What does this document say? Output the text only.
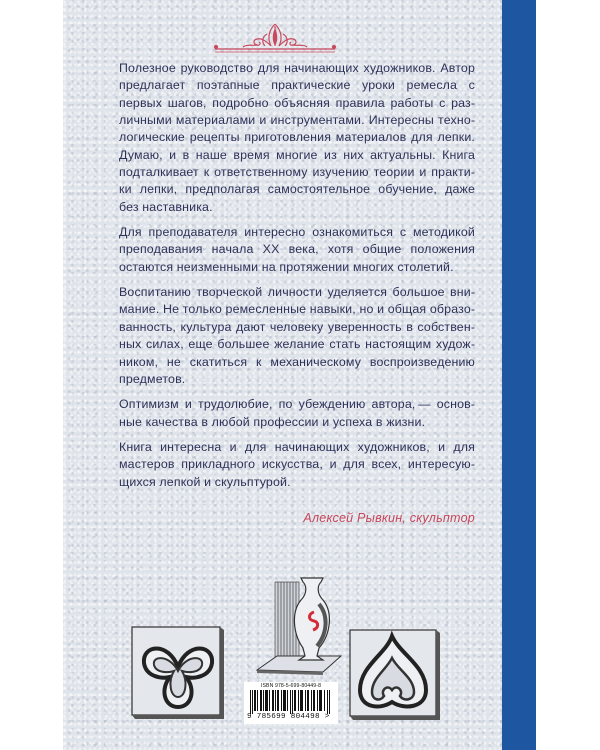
Полезное руководство для начинающих художников. Автор предлагает поэтапные практические уроки ремесла с первых шагов, подробно объясняя правила работы с различными материалами и инструментами. Интересны технологические рецепты приготовления материалов для лепки. Думаю, и в наше время многие из них актуальны. Книга подталкивает к ответственному изучению теории и практики лепки, предполагая самостоятельное обучение, даже без наставника.

Для преподавателя интересно ознакомиться с методикой преподавания начала XX века, хотя общие положения остаются неизменными на протяжении многих столетий.

Воспитанию творческой личности уделяется большое внимание. Не только ремесленные навыки, но и общая образованность, культура дают человеку уверенность в собственных силах, еще большее желание стать настоящим художником, не скатиться к механическому воспроизведению предметов.

Оптимизм и трудолюбие, по убеждению автора, — основные качества в любой профессии и успеха в жизни.

Книга интересна и для начинающих художников, и для мастеров прикладного искусства, и для всех, интересующихся лепкой и скульптурой.

Алексей Рывкин, скульптор
ISBN 978-5-699-80449-8
9 785699 804498 >
